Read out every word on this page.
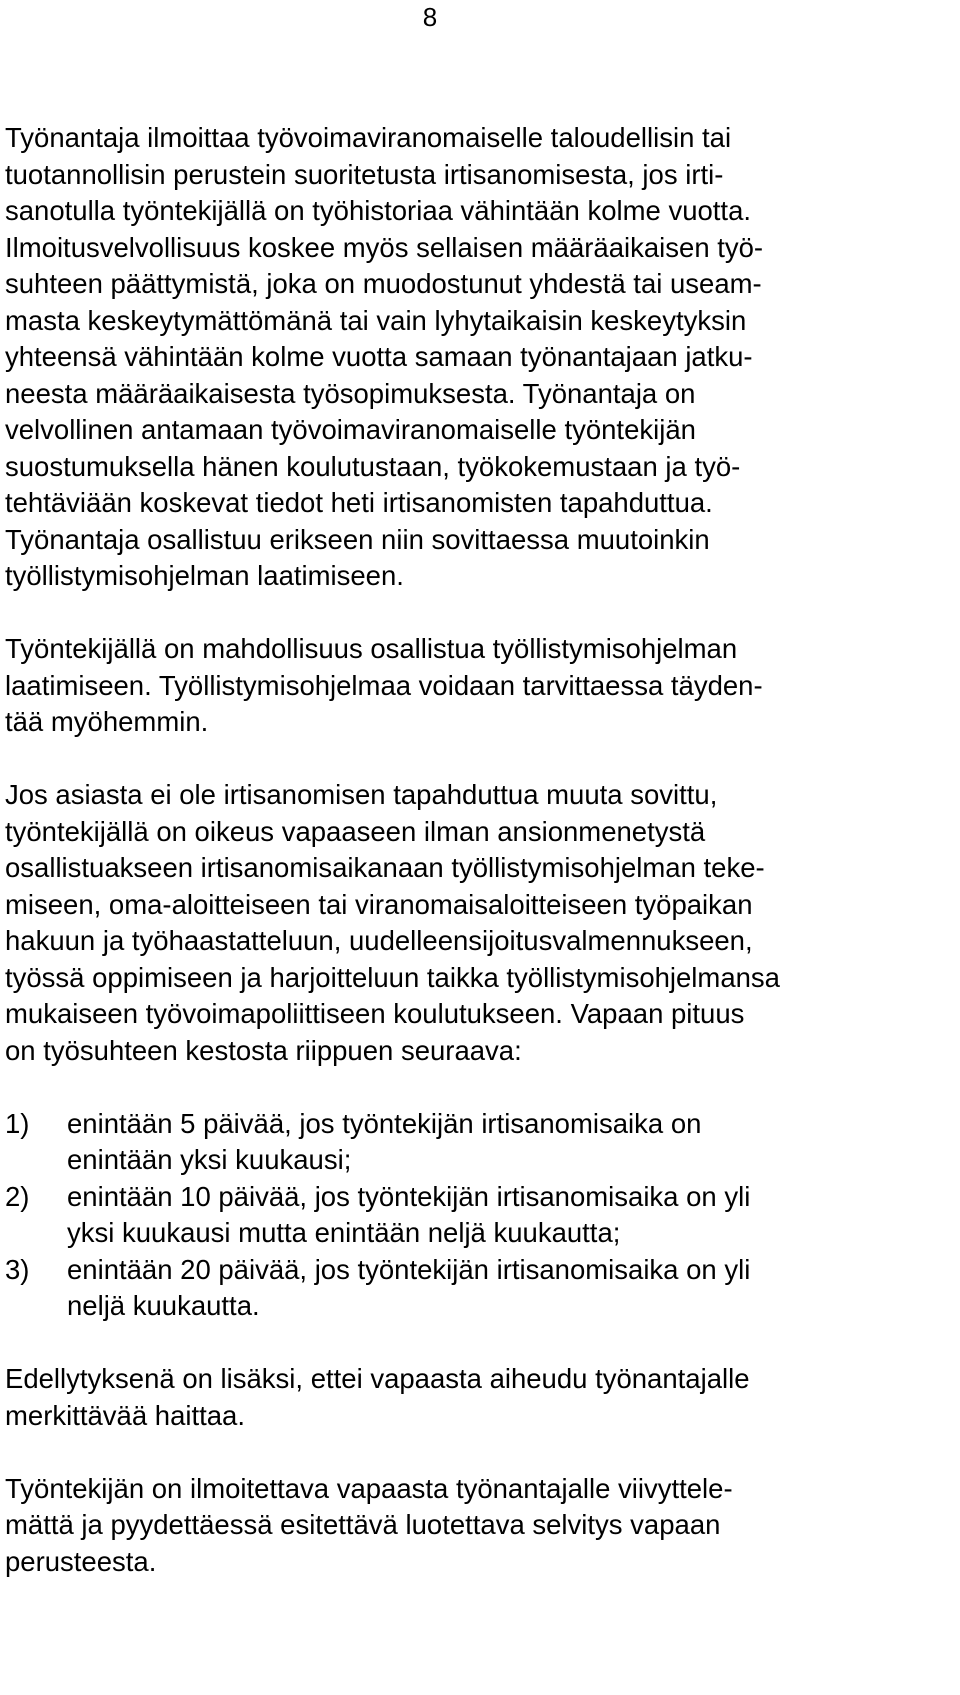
8

Työnantaja ilmoittaa työvoimaviranomaiselle taloudellisin tai
tuotannollisin perustein suoritetusta irtisanomisesta, jos irti-
sanotulla työntekijällä on työhistoriaa vähintään kolme vuotta.
Ilmoitusvelvollisuus koskee myös sellaisen määräaikaisen työ-
suhteen päättymistä, joka on muodostunut yhdestä tai useam-
masta keskeytymättömänä tai vain lyhytaikaisin keskeytyksin
yhteensä vähintään kolme vuotta samaan työnantajaan jatku-
neesta määräaikaisesta työsopimuksesta. Työnantaja on
velvollinen antamaan työvoimaviranomaiselle työntekijän
suostumuksella hänen koulutustaan, työkokemustaan ja työ-
tehtäviään koskevat tiedot heti irtisanomisten tapahduttua.
Työnantaja osallistuu erikseen niin sovittaessa muutoinkin
työllistymisohjelman laatimiseen.

Työntekijällä on mahdollisuus osallistua työllistymisohjelman
laatimiseen. Työllistymisohjelmaa voidaan tarvittaessa täyden-
tää myöhemmin.

Jos asiasta ei ole irtisanomisen tapahduttua muuta sovittu,
työntekijällä on oikeus vapaaseen ilman ansionmenetystä
osallistuakseen irtisanomisaikanaan työllistymisohjelman teke-
miseen, oma-aloitteiseen tai viranomaisaloitteiseen työpaikan
hakuun ja työhaastatteluun, uudelleensijoitusvalmennukseen,
työssä oppimiseen ja harjoitteluun taikka työllistymisohjelmansa
mukaiseen työvoimapoliittiseen koulutukseen. Vapaan pituus
on työsuhteen kestosta riippuen seuraava:

1) enintään 5 päivää, jos työntekijän irtisanomisaika on
enintään yksi kuukausi;
2) enintään 10 päivää, jos työntekijän irtisanomisaika on yli
yksi kuukausi mutta enintään neljä kuukautta;
3) enintään 20 päivää, jos työntekijän irtisanomisaika on yli
neljä kuukautta.

Edellytyksenä on lisäksi, ettei vapaasta aiheudu työnantajalle
merkittävää haittaa.

Työntekijän on ilmoitettava vapaasta työnantajalle viivyttele-
mättä ja pyydettäessä esitettävä luotettava selvitys vapaan
perusteesta.
